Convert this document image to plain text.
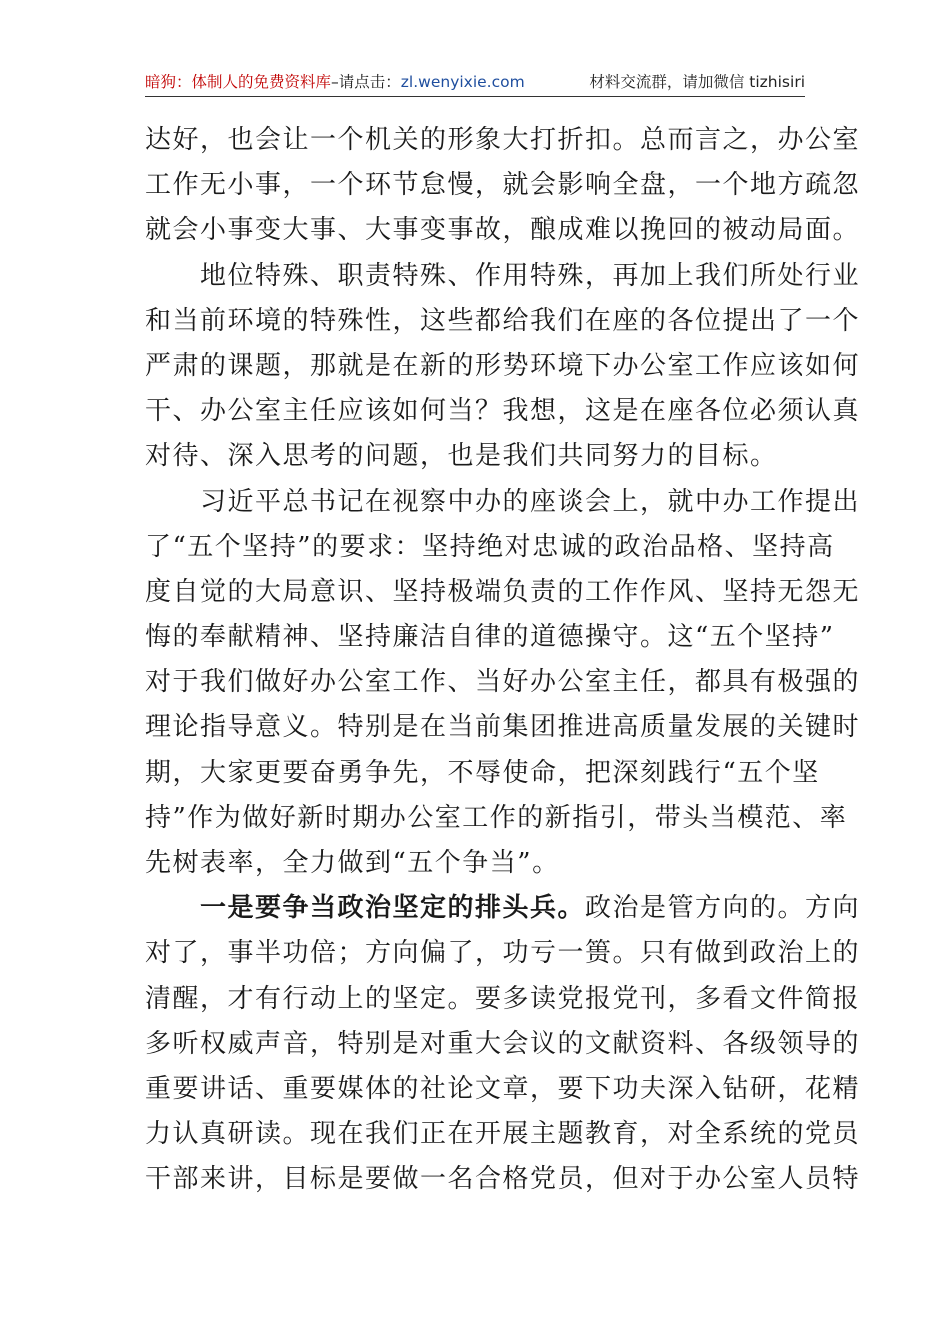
暗狗：体制人的免费资料库–请点击：zl.wenyixie.com	材料交流群，请加微信 tizhisiri
达好，也会让一个机关的形象大打折扣。总而言之，办公室
工作无小事，一个环节怠慢，就会影响全盘，一个地方疏忽
就会小事变大事、大事变事故，酿成难以挽回的被动局面。
地位特殊、职责特殊、作用特殊，再加上我们所处行业
和当前环境的特殊性，这些都给我们在座的各位提出了一个
严肃的课题，那就是在新的形势环境下办公室工作应该如何
干、办公室主任应该如何当？我想，这是在座各位必须认真
对待、深入思考的问题，也是我们共同努力的目标。
习近平总书记在视察中办的座谈会上，就中办工作提出
了“五个坚持”的要求：坚持绝对忠诚的政治品格、坚持高
度自觉的大局意识、坚持极端负责的工作作风、坚持无怨无
悔的奉献精神、坚持廉洁自律的道德操守。这“五个坚持”
对于我们做好办公室工作、当好办公室主任，都具有极强的
理论指导意义。特别是在当前集团推进高质量发展的关键时
期，大家更要奋勇争先，不辱使命，把深刻践行“五个坚
持”作为做好新时期办公室工作的新指引，带头当模范、率
先树表率，全力做到“五个争当”。
一是要争当政治坚定的排头兵。政治是管方向的。方向
对了，事半功倍；方向偏了，功亏一篑。只有做到政治上的
清醒，才有行动上的坚定。要多读党报党刊，多看文件简报
多听权威声音，特别是对重大会议的文献资料、各级领导的
重要讲话、重要媒体的社论文章，要下功夫深入钻研，花精
力认真研读。现在我们正在开展主题教育，对全系统的党员
干部来讲，目标是要做一名合格党员，但对于办公室人员特
